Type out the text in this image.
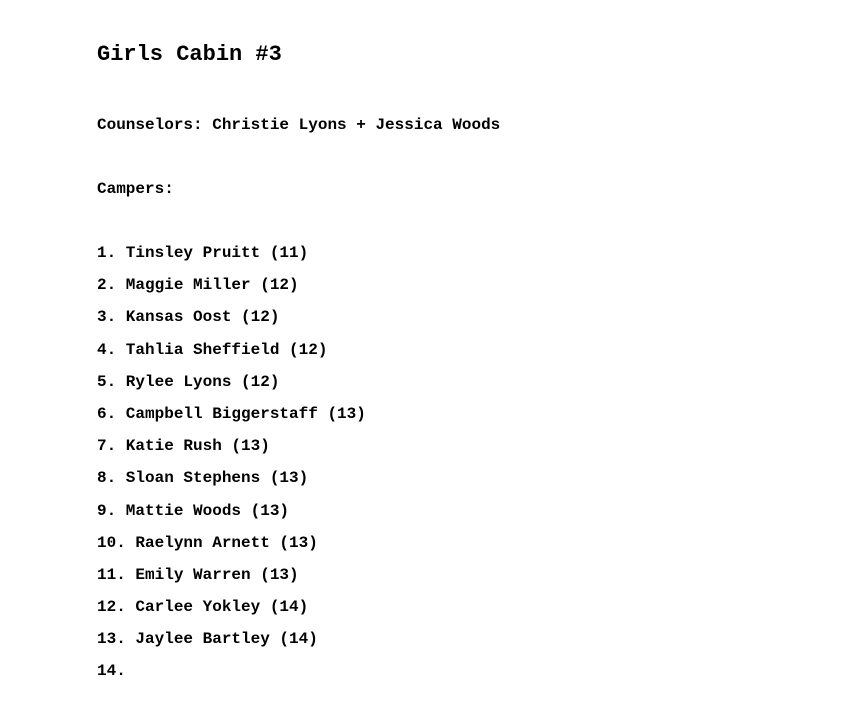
Girls Cabin #3
Counselors: Christie Lyons + Jessica Woods
Campers:
1. Tinsley Pruitt (11)
2. Maggie Miller (12)
3. Kansas Oost (12)
4. Tahlia Sheffield (12)
5. Rylee Lyons (12)
6. Campbell Biggerstaff (13)
7. Katie Rush (13)
8. Sloan Stephens (13)
9. Mattie Woods (13)
10. Raelynn Arnett (13)
11. Emily Warren (13)
12. Carlee Yokley (14)
13. Jaylee Bartley (14)
14.
